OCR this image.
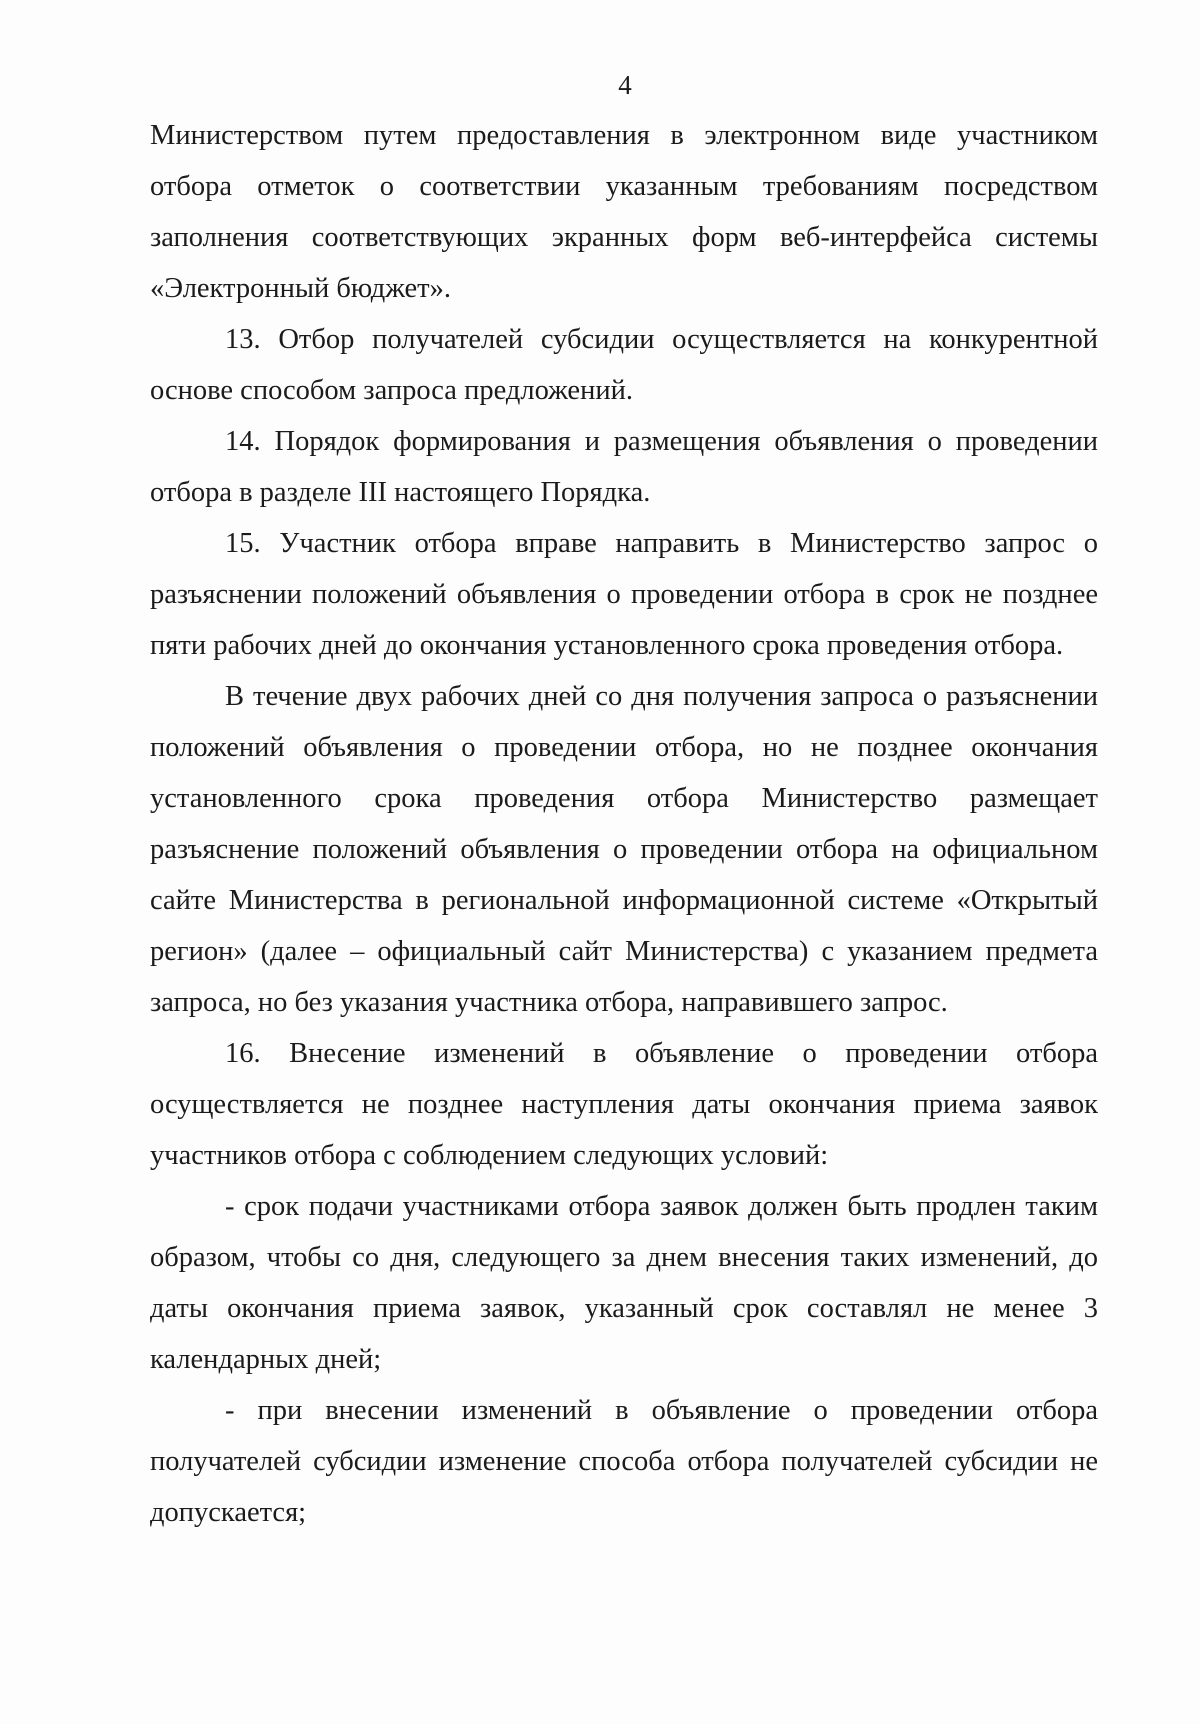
4

Министерством путем предоставления в электронном виде участником отбора отметок о соответствии указанным требованиям посредством заполнения соответствующих экранных форм веб-интерфейса системы «Электронный бюджет».

13. Отбор получателей субсидии осуществляется на конкурентной основе способом запроса предложений.

14. Порядок формирования и размещения объявления о проведении отбора в разделе III настоящего Порядка.

15. Участник отбора вправе направить в Министерство запрос о разъяснении положений объявления о проведении отбора в срок не позднее пяти рабочих дней до окончания установленного срока проведения отбора.

В течение двух рабочих дней со дня получения запроса о разъяснении положений объявления о проведении отбора, но не позднее окончания установленного срока проведения отбора Министерство размещает разъяснение положений объявления о проведении отбора на официальном сайте Министерства в региональной информационной системе «Открытый регион» (далее – официальный сайт Министерства) с указанием предмета запроса, но без указания участника отбора, направившего запрос.

16. Внесение изменений в объявление о проведении отбора осуществляется не позднее наступления даты окончания приема заявок участников отбора с соблюдением следующих условий:

- срок подачи участниками отбора заявок должен быть продлен таким образом, чтобы со дня, следующего за днем внесения таких изменений, до даты окончания приема заявок, указанный срок составлял не менее 3 календарных дней;

- при внесении изменений в объявление о проведении отбора получателей субсидии изменение способа отбора получателей субсидии не допускается;
